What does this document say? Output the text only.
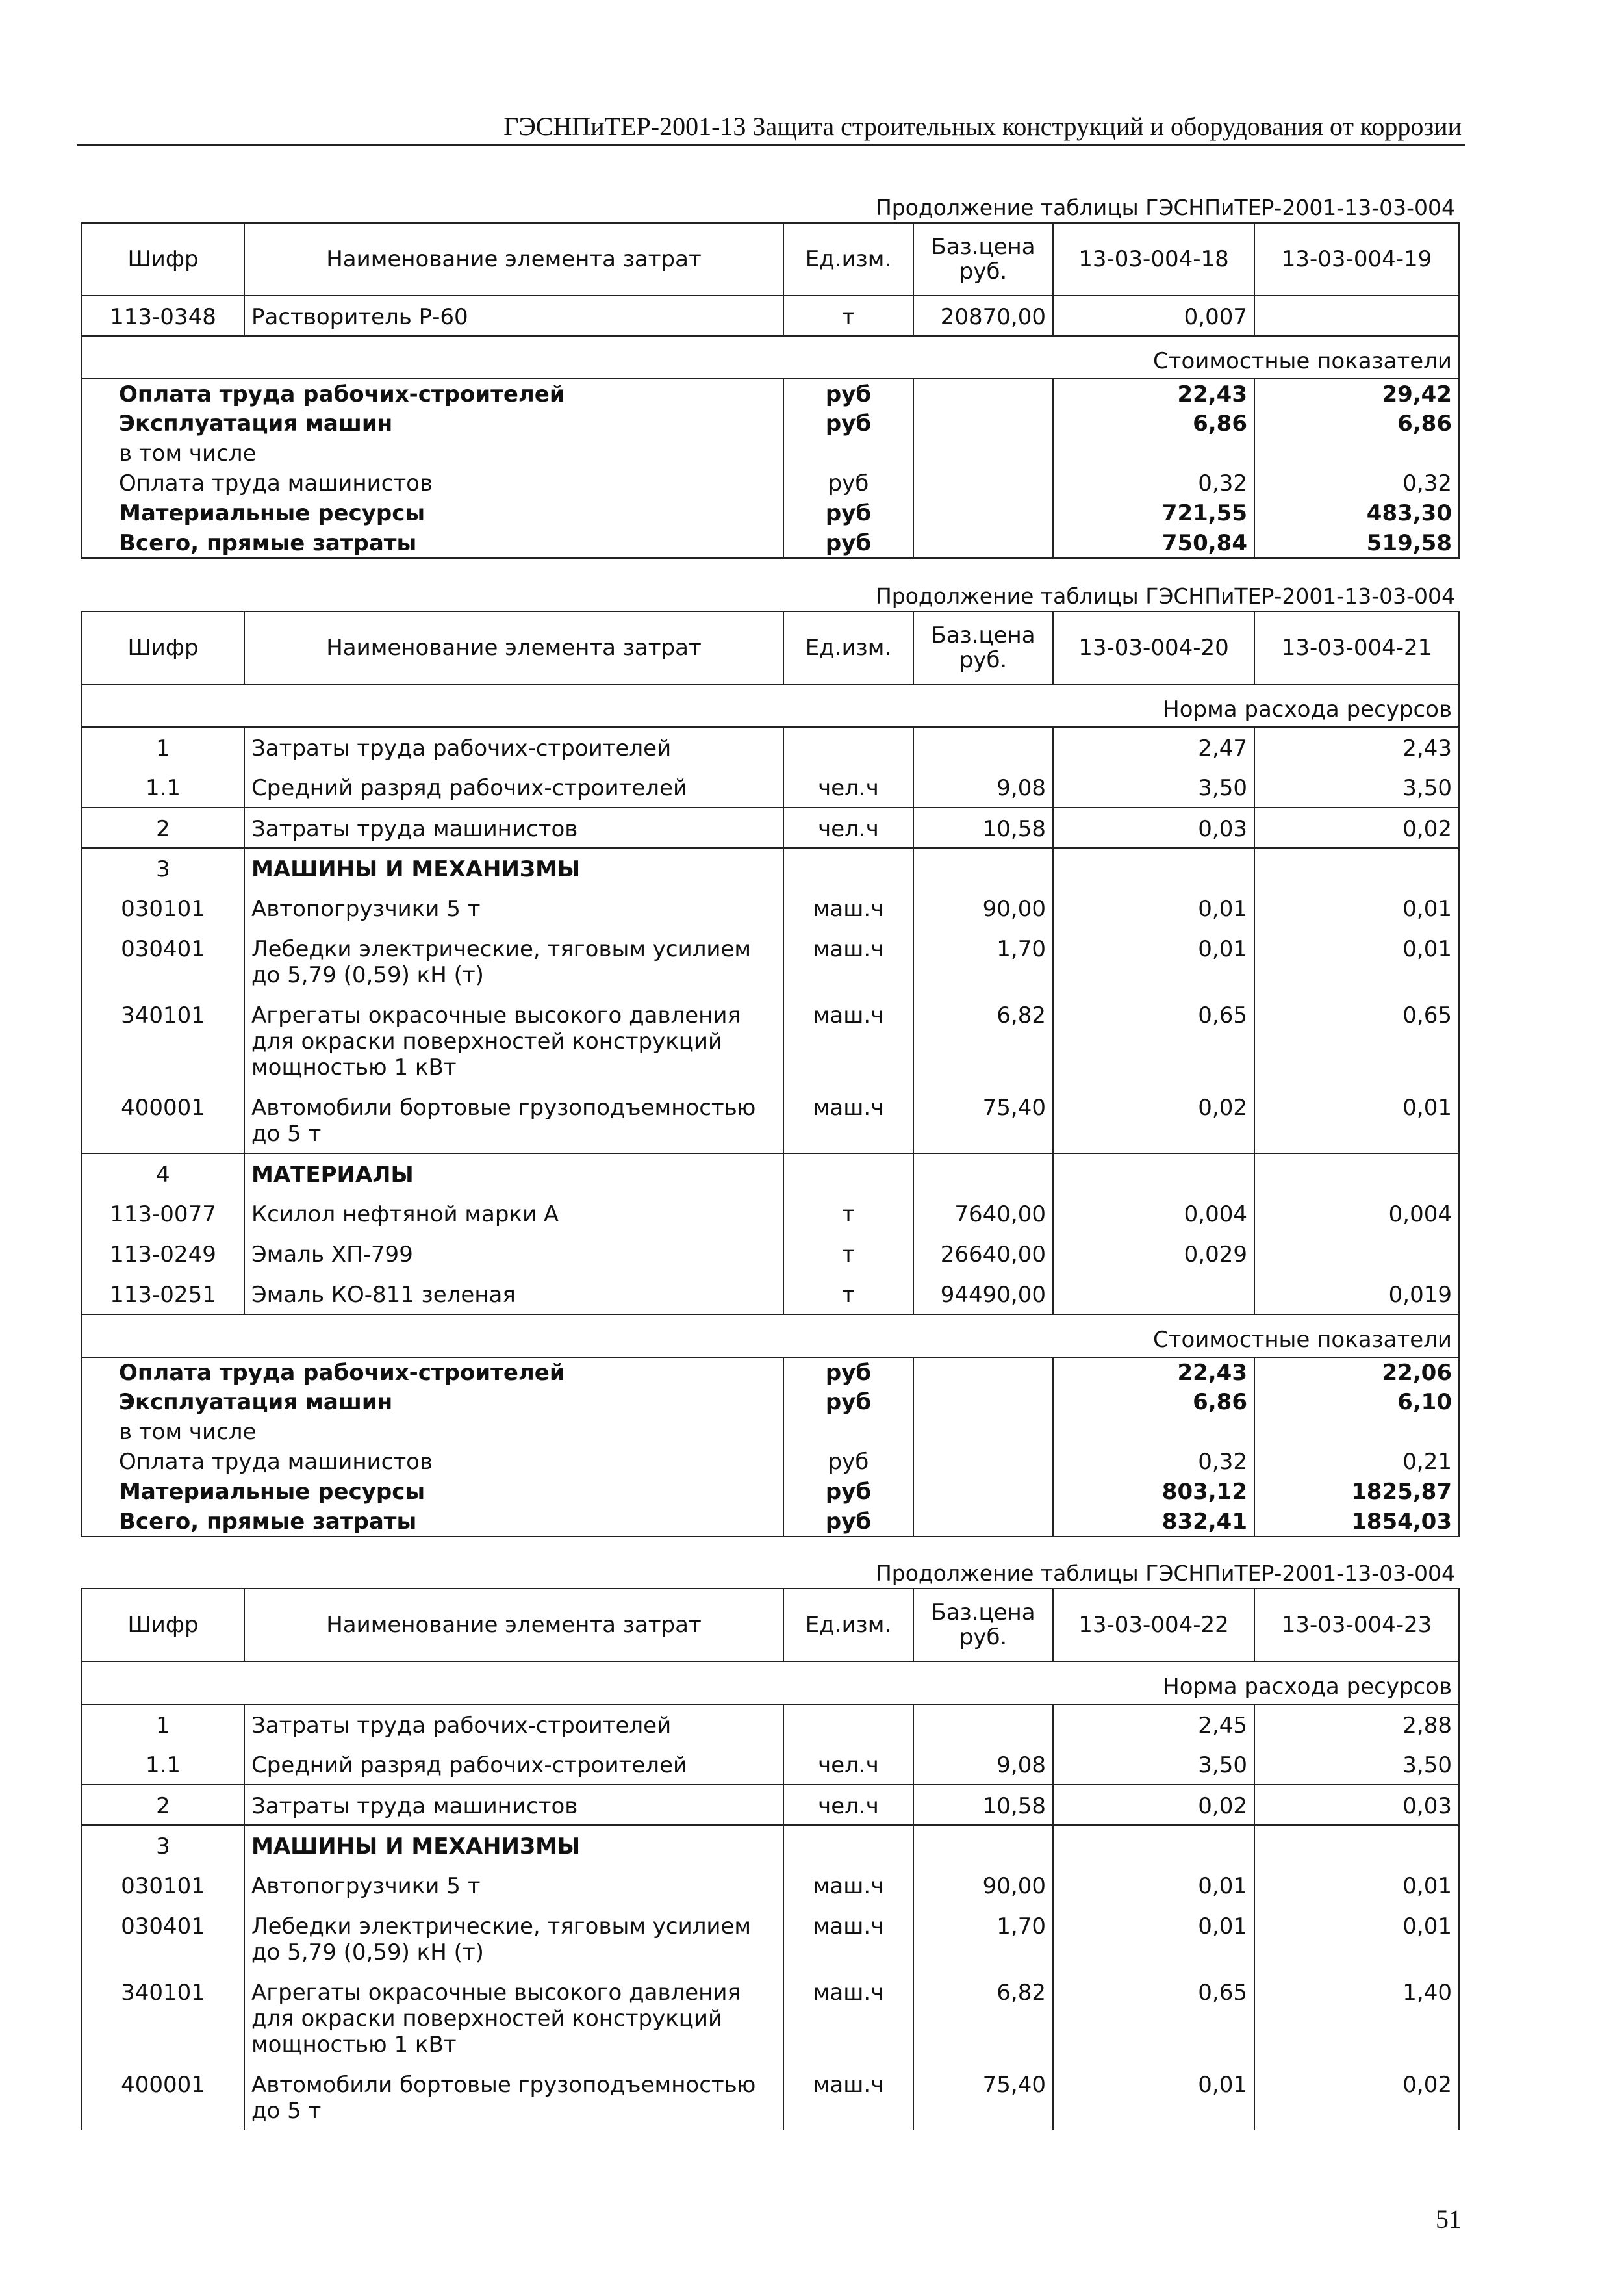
ГЭСНПиТЕР-2001-13 Защита строительных конструкций и оборудования от коррозии
Продолжение таблицы ГЭСНПиТЕР-2001-13-03-004
Шифр	Наименование элемента затрат	Ед.изм.	Баз.цена руб.	13-03-004-18	13-03-004-19
113-0348	Растворитель Р-60	т	20870,00	0,007	
Стоимостные показатели					
Оплата труда рабочих-строителей		руб		22,43	29,42
Эксплуатация машин		руб		6,86	6,86
в том числе					
Оплата труда машинистов		руб		0,32	0,32
Материальные ресурсы		руб		721,55	483,30
Всего, прямые затраты		руб		750,84	519,58
Продолжение таблицы ГЭСНПиТЕР-2001-13-03-004
Шифр	Наименование элемента затрат	Ед.изм.	Баз.цена руб.	13-03-004-20	13-03-004-21
Норма расхода ресурсов					
1	Затраты труда рабочих-строителей			2,47	2,43
1.1	Средний разряд рабочих-строителей	чел.ч	9,08	3,50	3,50
2	Затраты труда машинистов	чел.ч	10,58	0,03	0,02
3	МАШИНЫ И МЕХАНИЗМЫ				
030101	Автопогрузчики 5 т	маш.ч	90,00	0,01	0,01
030401	Лебедки электрические, тяговым усилием до 5,79 (0,59) кН (т)	маш.ч	1,70	0,01	0,01
340101	Агрегаты окрасочные высокого давления для окраски поверхностей конструкций мощностью 1 кВт	маш.ч	6,82	0,65	0,65
400001	Автомобили бортовые грузоподъемностью до 5 т	маш.ч	75,40	0,02	0,01
4	МАТЕРИАЛЫ				
113-0077	Ксилол нефтяной марки А	т	7640,00	0,004	0,004
113-0249	Эмаль ХП-799	т	26640,00	0,029	
113-0251	Эмаль КО-811 зеленая	т	94490,00		0,019
Стоимостные показатели					
Оплата труда рабочих-строителей		руб		22,43	22,06
Эксплуатация машин		руб		6,86	6,10
в том числе					
Оплата труда машинистов		руб		0,32	0,21
Материальные ресурсы		руб		803,12	1825,87
Всего, прямые затраты		руб		832,41	1854,03
Продолжение таблицы ГЭСНПиТЕР-2001-13-03-004
Шифр	Наименование элемента затрат	Ед.изм.	Баз.цена руб.	13-03-004-22	13-03-004-23
Норма расхода ресурсов					
1	Затраты труда рабочих-строителей			2,45	2,88
1.1	Средний разряд рабочих-строителей	чел.ч	9,08	3,50	3,50
2	Затраты труда машинистов	чел.ч	10,58	0,02	0,03
3	МАШИНЫ И МЕХАНИЗМЫ				
030101	Автопогрузчики 5 т	маш.ч	90,00	0,01	0,01
030401	Лебедки электрические, тяговым усилием до 5,79 (0,59) кН (т)	маш.ч	1,70	0,01	0,01
340101	Агрегаты окрасочные высокого давления для окраски поверхностей конструкций мощностью 1 кВт	маш.ч	6,82	0,65	1,40
400001	Автомобили бортовые грузоподъемностью до 5 т	маш.ч	75,40	0,01	0,02
51
